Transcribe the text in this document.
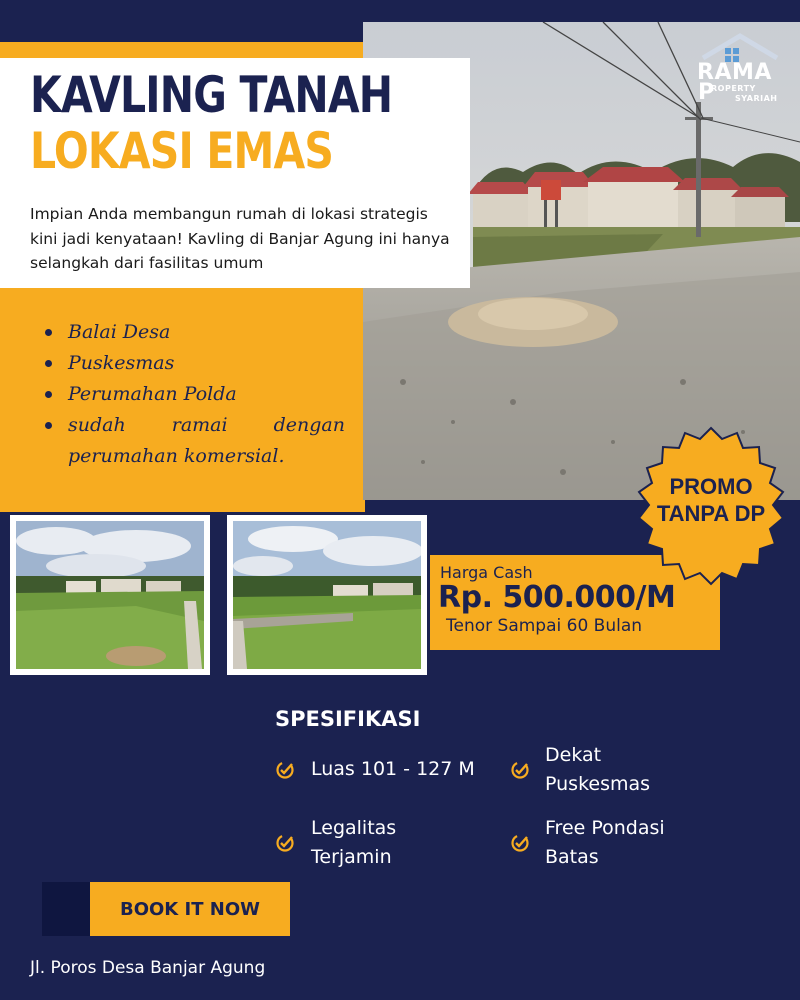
RAMA
P
ROPERTY
SYARIAH
KAVLING TANAH
LOKASI EMAS

Impian Anda membangun rumah di lokasi strategis kini jadi kenyataan! Kavling di Banjar Agung ini hanya selangkah dari fasilitas umum

Balai Desa
Puskesmas
Perumahan Polda
sudah ramai dengan perumahan komersial.
PROMO
TANPA DP
Harga Cash
Rp. 500.000/M
Tenor Sampai 60 Bulan
SPESIFIKASI
Luas 101 - 127 M
Dekat
Puskesmas
Legalitas
Terjamin
Free Pondasi
Batas
BOOK IT NOW
Jl. Poros Desa Banjar Agung
